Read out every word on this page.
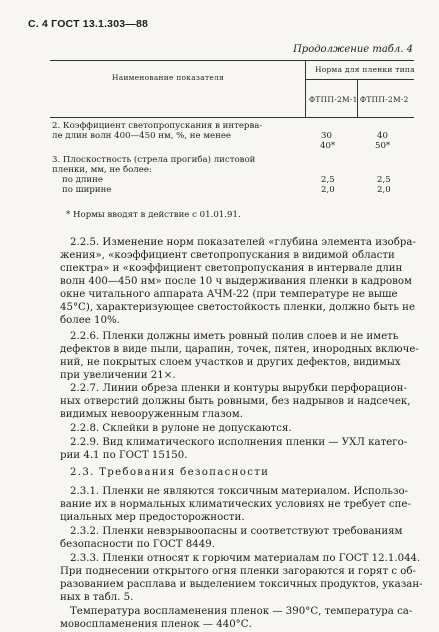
С. 4 ГОСТ 13.1.303—88
Продолжение табл. 4
Наименование показателя
Норма для пленки типа
ФТПП-2М-1 ФТПП-2М-2
2. Коэффициент светопропускания в интерва-
ле длин волн 400—450 нм, %, не менее	30
40*
40
50*
3. Плоскостность (стрела прогиба) листовой
пленки, мм, не более:
по длине
по ширине
2,5
2,0
2,5
2,0
* Нормы вводят в действие с 01.01.91.
2.2.5. Изменение норм показателей «глубина элемента изобра-
жения», «коэффициент светопропускания в видимой области
спектра» и «коэффициент светопропускания в интервале длин
волн 400—450 нм» после 10 ч выдерживания пленки в кадровом
окне читального аппарата АЧМ-22 (при температуре не выше
45°С), характеризующее светостойкость пленки, должно быть не
более 10%.
2.2.6. Пленки должны иметь ровный полив слоев и не иметь
дефектов в виде пыли, царапин, точек, пятен, инородных включе-
ний, не покрытых слоем участков и других дефектов, видимых
при увеличении 21×.
2.2.7. Линии обреза пленки и контуры вырубки перфорацион-
ных отверстий должны быть ровными, без надрывов и надсечек,
видимых невооруженным глазом.
2.2.8. Склейки в рулоне не допускаются.
2.2.9. Вид климатического исполнения пленки — УХЛ катего-
рии 4.1 по ГОСТ 15150.
2.3. Требования безопасности
2.3.1. Пленки не являются токсичным материалом. Использо-
вание их в нормальных климатических условиях не требует спе-
циальных мер предосторожности.
2.3.2. Пленки невзрывоопасны и соответствуют требованиям
безопасности по ГОСТ 8449.
2.3.3. Пленки относят к горючим материалам по ГОСТ 12.1.044.
При поднесении открытого огня пленки загораются и горят с об-
разованием расплава и выделением токсичных продуктов, указан-
ных в табл. 5.
Температура воспламенения пленок — 390°С, температура са-
мовоспламенения пленок — 440°С.
